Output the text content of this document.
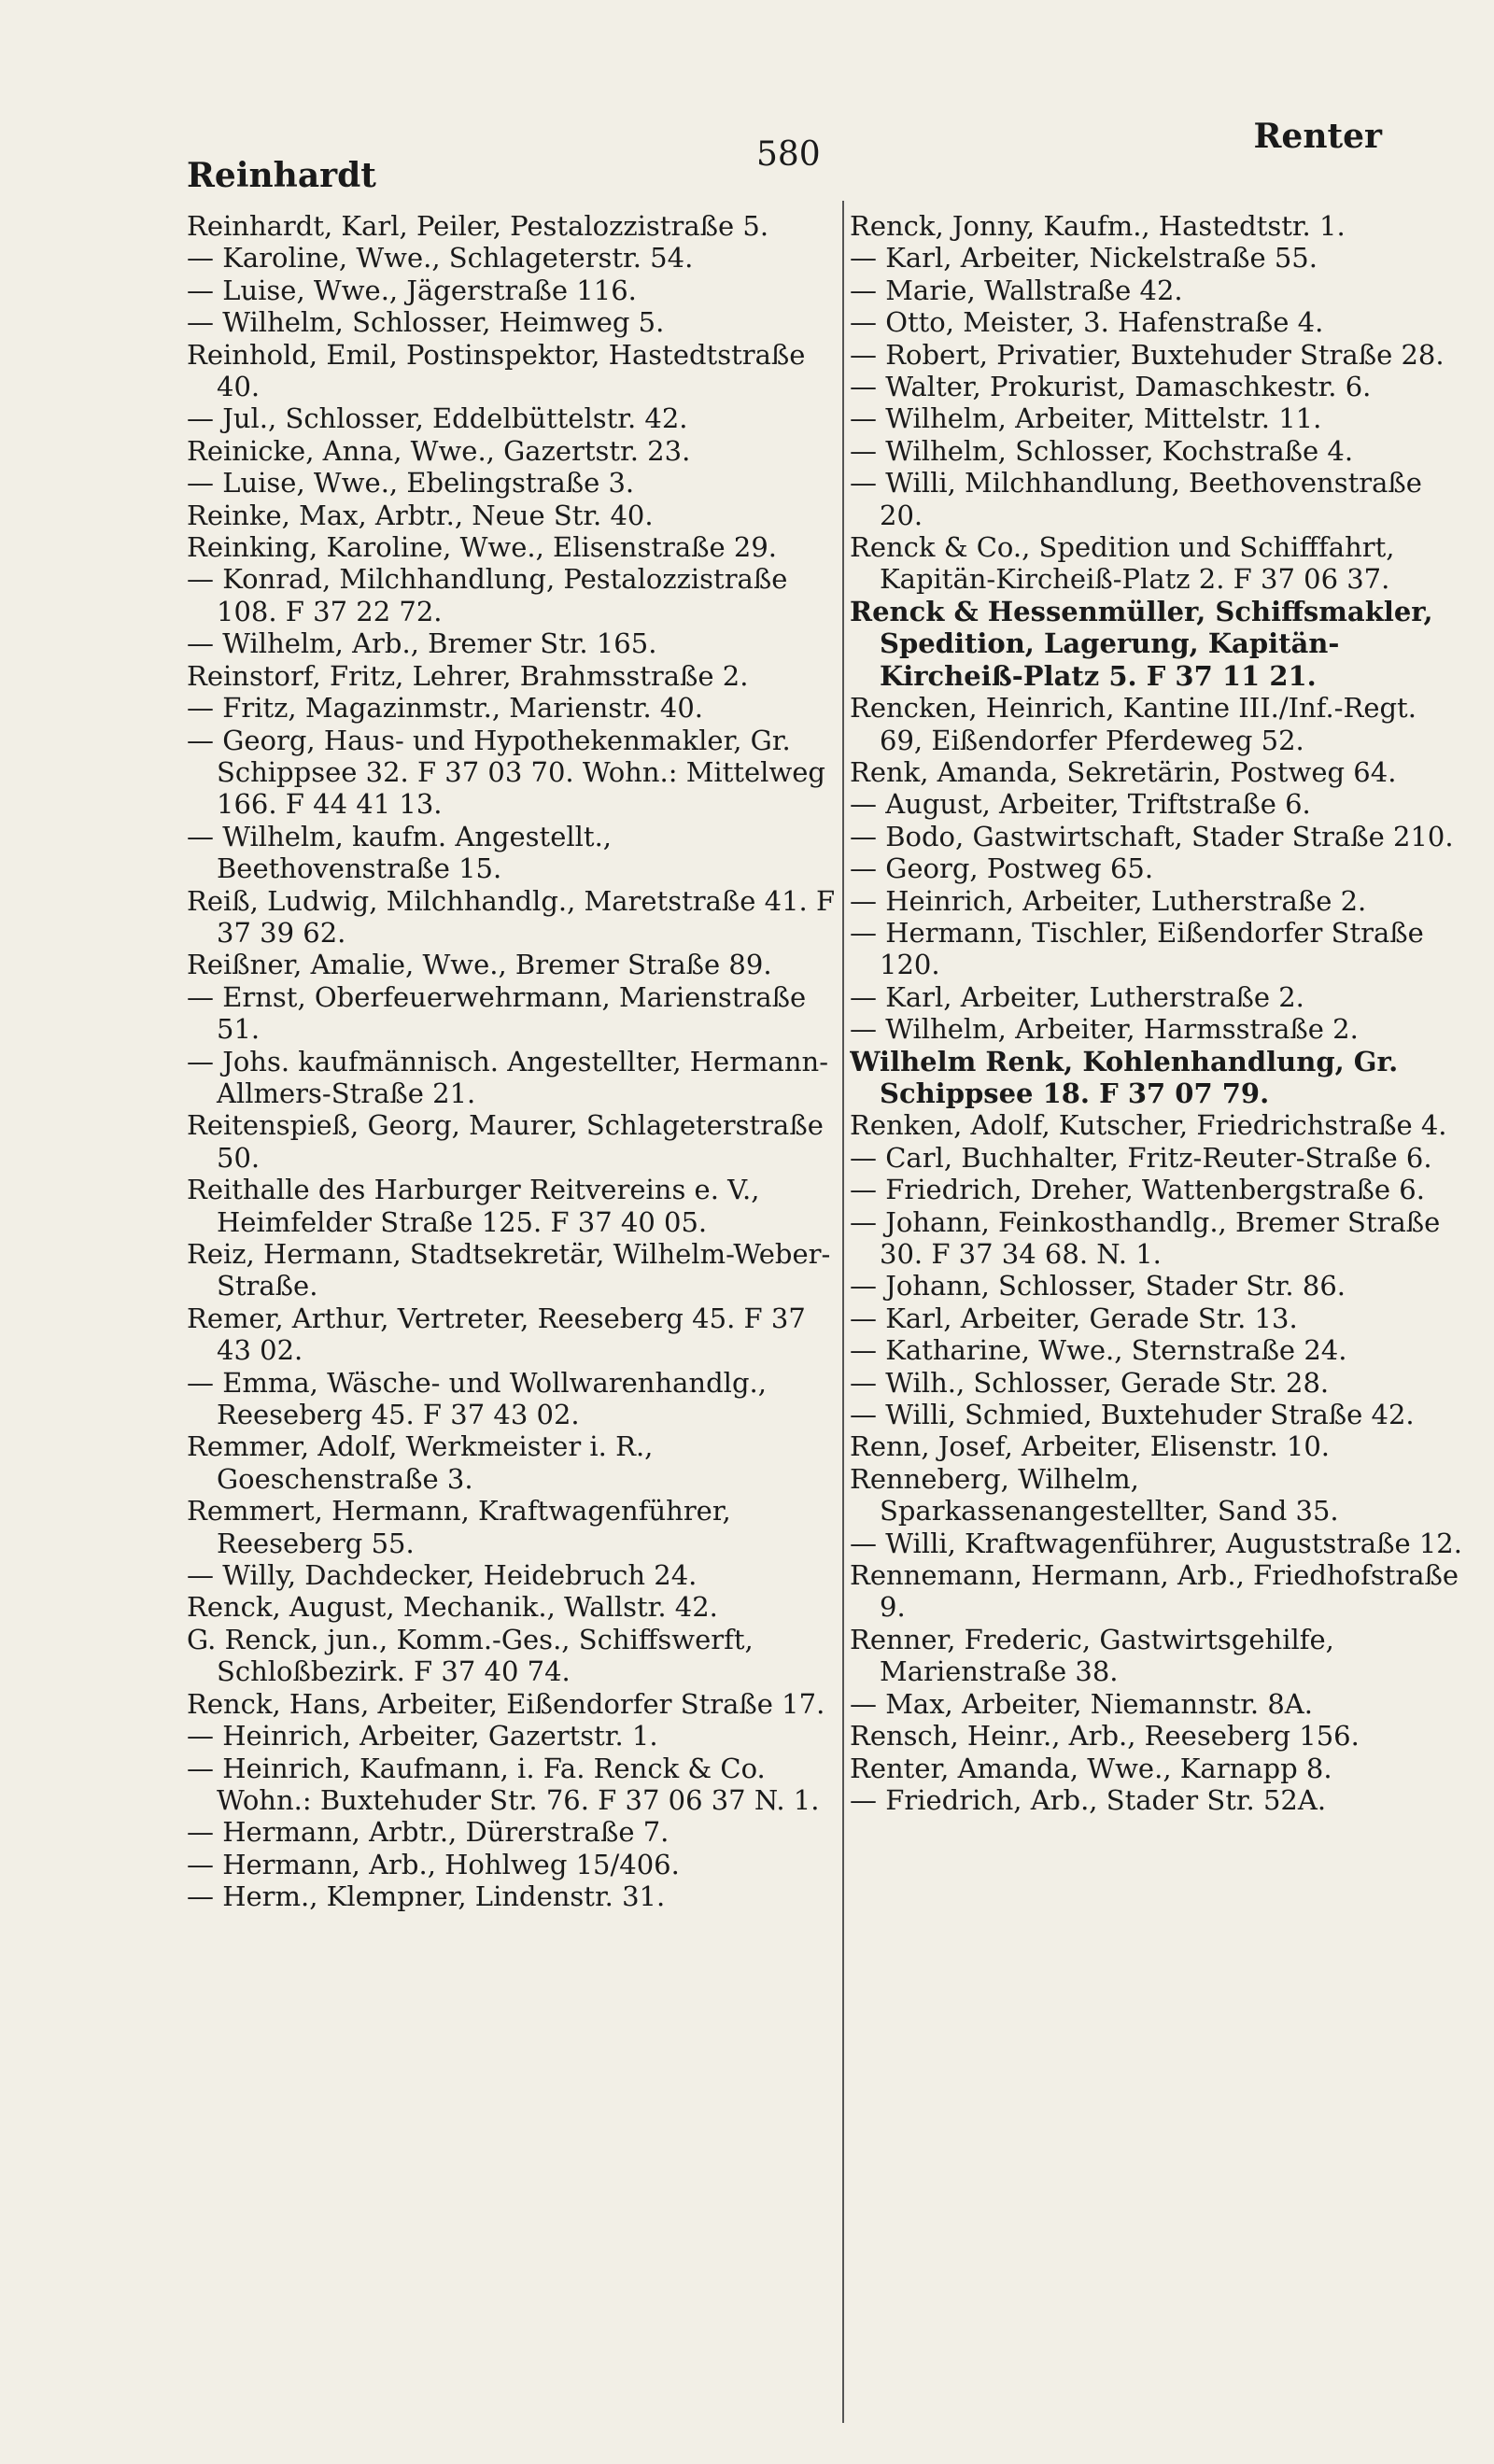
Reinhardt
580	Renter

Reinhardt, Karl, Peiler, Pestalozzistraße 5.

— Karoline, Wwe., Schlageterstr. 54.

— Luise, Wwe., Jägerstraße 116.

— Wilhelm, Schlosser, Heimweg 5.

Reinhold, Emil, Postinspektor, Hastedtstraße 40.

— Jul., Schlosser, Eddelbüttelstr. 42.

Reinicke, Anna, Wwe., Gazertstr. 23.

— Luise, Wwe., Ebelingstraße 3.

Reinke, Max, Arbtr., Neue Str. 40.

Reinking, Karoline, Wwe., Elisenstraße 29.

— Konrad, Milchhandlung, Pestalozzistraße 108. F 37 22 72.

— Wilhelm, Arb., Bremer Str. 165.

Reinstorf, Fritz, Lehrer, Brahmsstraße 2.

— Fritz, Magazinmstr., Marienstr. 40.

— Georg, Haus- und Hypothekenmakler, Gr. Schippsee 32. F 37 03 70. Wohn.: Mittelweg 166. F 44 41 13.

— Wilhelm, kaufm. Angestellt., Beethovenstraße 15.

Reiß, Ludwig, Milchhandlg., Maretstraße 41. F 37 39 62.

Reißner, Amalie, Wwe., Bremer Straße 89.

— Ernst, Oberfeuerwehrmann, Marienstraße 51.

— Johs. kaufmännisch. Angestellter, Hermann-Allmers-Straße 21.

Reitenspieß, Georg, Maurer, Schlageterstraße 50.

Reithalle des Harburger Reitvereins e. V., Heimfelder Straße 125. F 37 40 05.

Reiz, Hermann, Stadtsekretär, Wilhelm-Weber-Straße.

Remer, Arthur, Vertreter, Reeseberg 45. F 37 43 02.

— Emma, Wäsche- und Wollwarenhandlg., Reeseberg 45. F 37 43 02.

Remmer, Adolf, Werkmeister i. R., Goeschenstraße 3.

Remmert, Hermann, Kraftwagenführer, Reeseberg 55.

— Willy, Dachdecker, Heidebruch 24.

Renck, August, Mechanik., Wallstr. 42.

G. Renck, jun., Komm.-Ges., Schiffswerft, Schloßbezirk. F 37 40 74.

Renck, Hans, Arbeiter, Eißendorfer Straße 17.

— Heinrich, Arbeiter, Gazertstr. 1.

— Heinrich, Kaufmann, i. Fa. Renck & Co. Wohn.: Buxtehuder Str. 76. F 37 06 37 N. 1.

— Hermann, Arbtr., Dürerstraße 7.

— Hermann, Arb., Hohlweg 15/406.

— Herm., Klempner, Lindenstr. 31.

Renck, Jonny, Kaufm., Hastedtstr. 1.

— Karl, Arbeiter, Nickelstraße 55.

— Marie, Wallstraße 42.

— Otto, Meister, 3. Hafenstraße 4.

— Robert, Privatier, Buxtehuder Straße 28.

— Walter, Prokurist, Damaschkestr. 6.

— Wilhelm, Arbeiter, Mittelstr. 11.

— Wilhelm, Schlosser, Kochstraße 4.

— Willi, Milchhandlung, Beethovenstraße 20.

Renck & Co., Spedition und Schifffahrt, Kapitän-Kircheiß-Platz 2. F 37 06 37.

Renck & Hessenmüller, Schiffsmakler, Spedition, Lagerung, Kapitän-Kircheiß-Platz 5. F 37 11 21.

Rencken, Heinrich, Kantine III./Inf.-Regt. 69, Eißendorfer Pferdeweg 52.

Renk, Amanda, Sekretärin, Postweg 64.

— August, Arbeiter, Triftstraße 6.

— Bodo, Gastwirtschaft, Stader Straße 210.

— Georg, Postweg 65.

— Heinrich, Arbeiter, Lutherstraße 2.

— Hermann, Tischler, Eißendorfer Straße 120.

— Karl, Arbeiter, Lutherstraße 2.

— Wilhelm, Arbeiter, Harmsstraße 2.

Wilhelm Renk, Kohlenhandlung, Gr. Schippsee 18. F 37 07 79.

Renken, Adolf, Kutscher, Friedrichstraße 4.

— Carl, Buchhalter, Fritz-Reuter-Straße 6.

— Friedrich, Dreher, Wattenbergstraße 6.

— Johann, Feinkosthandlg., Bremer Straße 30. F 37 34 68. N. 1.

— Johann, Schlosser, Stader Str. 86.

— Karl, Arbeiter, Gerade Str. 13.

— Katharine, Wwe., Sternstraße 24.

— Wilh., Schlosser, Gerade Str. 28.

— Willi, Schmied, Buxtehuder Straße 42.

Renn, Josef, Arbeiter, Elisenstr. 10.

Renneberg, Wilhelm, Sparkassenangestellter, Sand 35.

— Willi, Kraftwagenführer, Auguststraße 12.

Rennemann, Hermann, Arb., Friedhofstraße 9.

Renner, Frederic, Gastwirtsgehilfe, Marienstraße 38.

— Max, Arbeiter, Niemannstr. 8A.

Rensch, Heinr., Arb., Reeseberg 156.

Renter, Amanda, Wwe., Karnapp 8.

— Friedrich, Arb., Stader Str. 52A.
